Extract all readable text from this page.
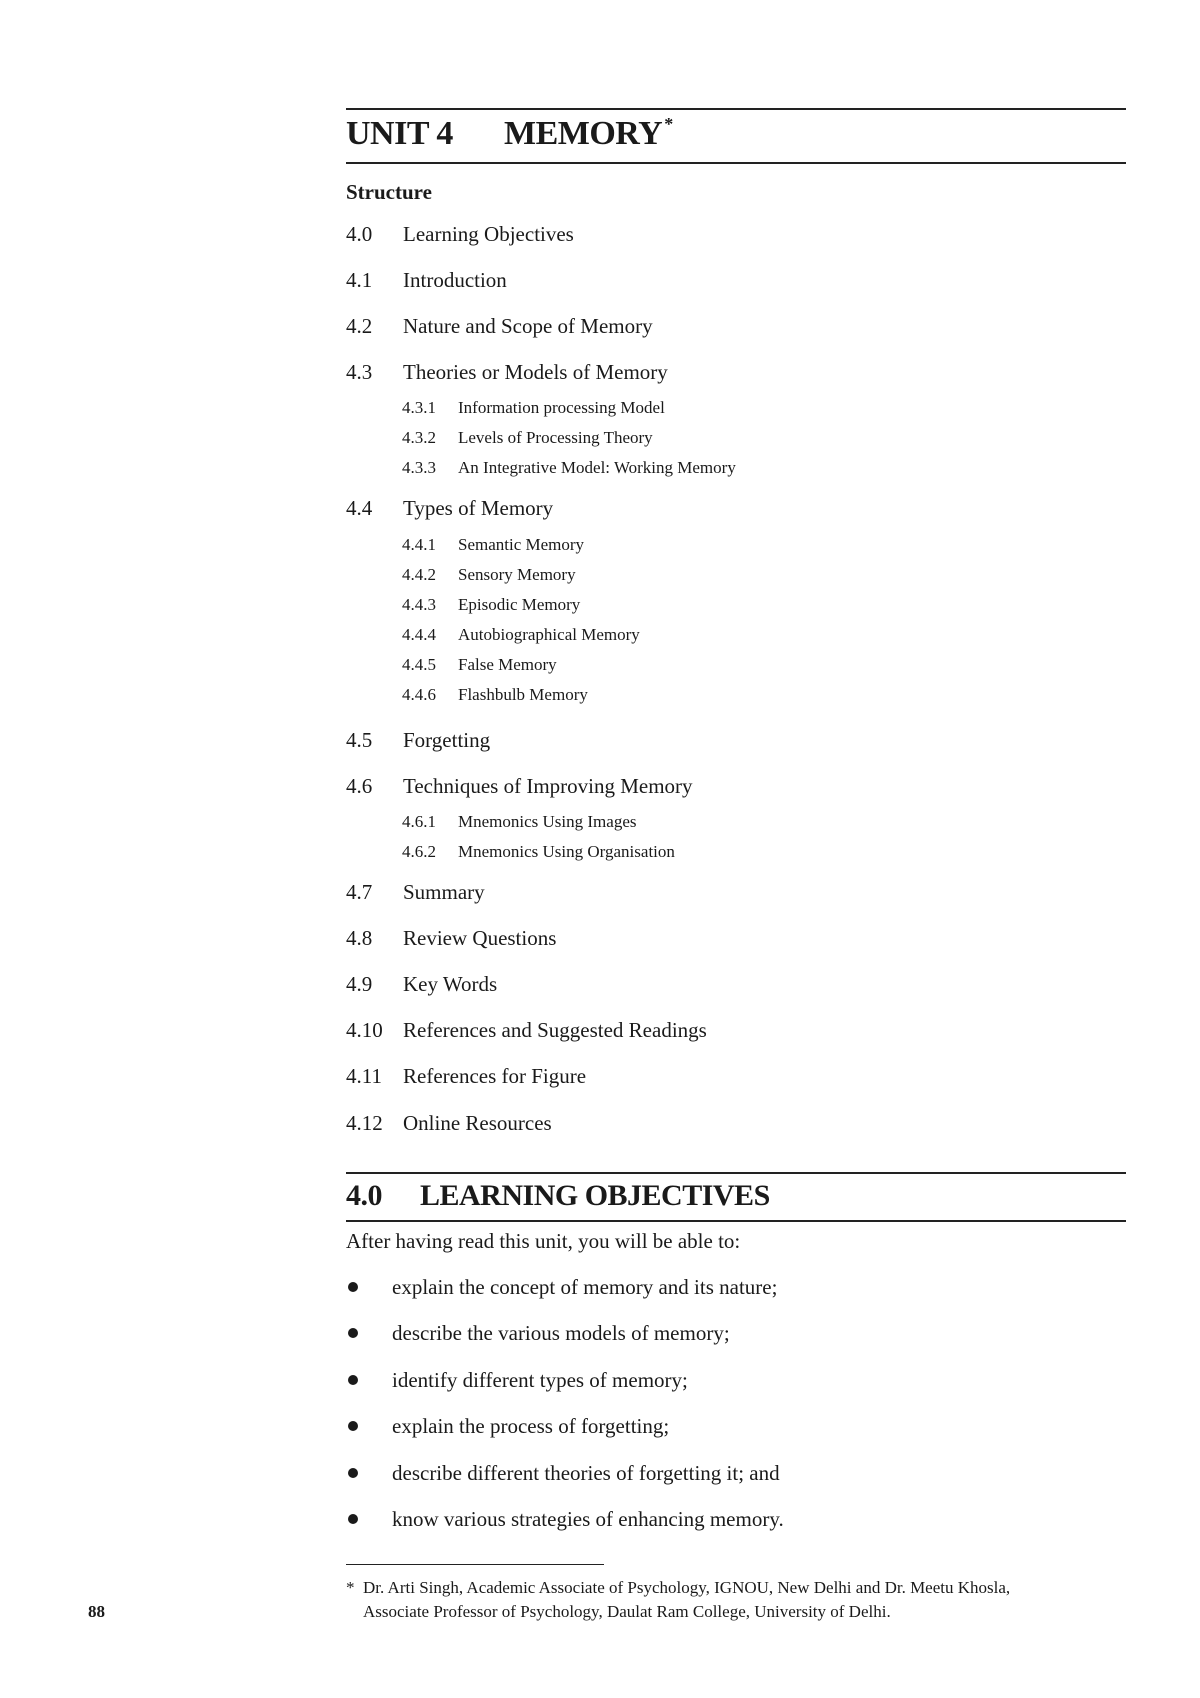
UNIT 4 MEMORY *
Structure
4.0 Learning Objectives
4.1 Introduction
4.2 Nature and Scope of Memory
4.3 Theories or Models of Memory
4.3.1 Information processing Model
4.3.2 Levels of Processing Theory
4.3.3 An Integrative Model: Working Memory
4.4 Types of Memory
4.4.1 Semantic Memory
4.4.2 Sensory Memory
4.4.3 Episodic Memory
4.4.4 Autobiographical Memory
4.4.5 False Memory
4.4.6 Flashbulb Memory
4.5 Forgetting
4.6 Techniques of Improving Memory
4.6.1 Mnemonics Using Images
4.6.2 Mnemonics Using Organisation
4.7 Summary
4.8 Review Questions
4.9 Key Words
4.10 References and Suggested Readings
4.11 References for Figure
4.12 Online Resources
4.0 LEARNING OBJECTIVES
After having read this unit, you will be able to:
explain the concept of memory and its nature;
describe the various models of memory;
identify different types of memory;
explain the process of forgetting;
describe different theories of forgetting it; and
know various strategies of enhancing memory.
* Dr. Arti Singh, Academic Associate of Psychology, IGNOU, New Delhi and Dr. Meetu Khosla,
Associate Professor of Psychology, Daulat Ram College, University of Delhi.
88
